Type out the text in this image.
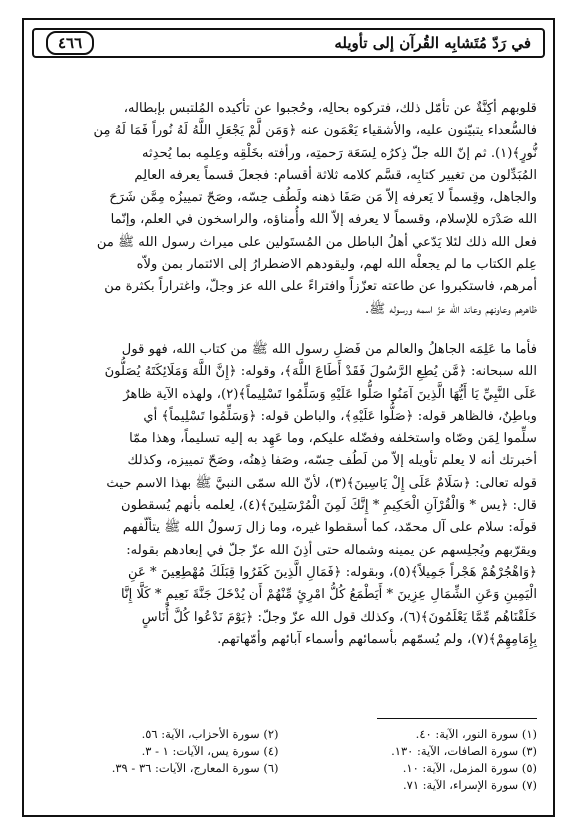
في رَدّ مُتَشابِه القُرآن إلى تأويله
٤٦٦

قلوبهم أكِنَّةٌ عن تأمّل ذلك، فتركوه بحالِه، وحُجبوا عن تأكيده المُلتبس بإبطاله،

فالسُّعداء يتبيّنون عليه، والأشقياء يَعْمَون عنه ﴿وَمَن لَّمْ يَجْعَلِ اللَّهُ لَهُ نُوراً فَمَا لَهُ مِن

نُّورٍ﴾(١). ثم إنّ الله جلّ ذِكرُه لِسَعَة رَحمتِه، ورأفته بخَلْقِه وعِلمِه بما يُحدِثه

المُبَدِّلون من تغيير كتابِه، قسَّم كلامه ثلاثة أقسام: فجعلَ قسماً يعرفه العالِم

والجاهل، وقِسماً لا يَعرفه إلاّ مَن صَفَا ذهنه ولَطُف حِسّه، وصَحّ تمييزُه مِمَّن شَرَحَ

الله صَدْرَه للإسلام، وقسماً لا يعرفه إلاّ الله وأُمناؤه، والراسخون في العلم، وإنّما

فعل الله ذلك لئلا يَدّعي أهلُ الباطل من المُستَولين على ميراث رسول الله ﷺ من

عِلم الكتاب ما لم يجعلْه الله لهم، وليقودهم الاضطرارُ إلى الائتمار بمن ولاّه

أمرهم، فاستكبروا عن طاعته تعزّزاً وافتراءً على الله عز وجلّ، واغتراراً بكثرة من

ظاهرهم وعاونهم وعاند الله عزّ اسمه ورسوله ﷺ.

فأما ما عَلِمَه الجاهلُ والعالم من فَضلِ رسول الله ﷺ من كتاب الله، فهو قول

الله سبحانه: ﴿مَّن يُطِعِ الرَّسُولَ فَقَدْ أَطَاعَ اللَّهَ﴾، وقوله: ﴿إِنَّ اللَّهَ وَمَلَائِكَتَهُ يُصَلُّونَ

عَلَى النَّبِيِّ يَا أَيُّهَا الَّذِينَ آمَنُوا صَلُّوا عَلَيْهِ وَسَلِّمُوا تَسْلِيماً﴾(٢)، ولهذه الآية ظاهرٌ

وباطِنٌ، فالظاهر قوله: ﴿صَلُّوا عَلَيْهِ﴾، والباطن قوله: ﴿وَسَلِّمُوا تَسْلِيماً﴾ أي

سلِّموا لِمَن وصّاه واستخلفه وفضّله عليكم، وما عَهِد به إليه تسليماً، وهذا ممّا

أخبرتك أنه لا يعلم تأويله إلاّ من لَطُف حِسّه، وصَفا ذِهنُه، وصَحّ تمييزه، وكذلك

قوله تعالى: ﴿سَلَامٌ عَلَى إِلْ يَاسِينَ﴾(٣)، لأنّ الله سمّى النبيَّ ﷺ بهذا الاسم حيث

قال: ﴿يس * وَالْقُرْآنِ الْحَكِيمِ * إِنَّكَ لَمِنَ الْمُرْسَلِينَ﴾(٤)، لِعلمه بأنهم يُسقطون

قولَه: سلام على آل محمّد، كما أسقطوا غيره، وما زال رَسولُ الله ﷺ يتألّفهم

ويقرّبهم ويُجلِسهم عن يمينه وشماله حتى أذِنَ الله عزّ جلّ في إبعادهم بقوله:

﴿وَاهْجُرْهُمْ هَجْراً جَمِيلاً﴾(٥)، وبقوله: ﴿فَمَالِ الَّذِينَ كَفَرُوا قِبَلَكَ مُهْطِعِينَ * عَنِ

الْيَمِينِ وَعَنِ الشِّمَالِ عِزِينَ * أَيَطْمَعُ كُلُّ امْرِئٍ مِّنْهُمْ أَن يُدْخَلَ جَنَّةَ نَعِيمٍ * كَلَّا إِنَّا

خَلَقْنَاهُم مِّمَّا يَعْلَمُونَ﴾(٦)، وكذلك قول الله عزّ وجلّ: ﴿يَوْمَ نَدْعُوا كُلَّ أُنَاسٍ

بِإِمَامِهِمْ﴾(٧)، ولم يُسمّهم بأسمائهم وأسماء آبائهم وأمّهاتهم.

(١) سورة النور، الآية: ٤٠.
(٢) سورة الأحزاب، الآية: ٥٦.
(٣) سورة الصافات، الآية: ١٣٠.
(٤) سورة يس، الآيات: ١ - ٣.
(٥) سورة المزمل، الآية: ١٠.
(٦) سورة المعارج، الآيات: ٣٦ - ٣٩.
(٧) سورة الإسراء، الآية: ٧١.
